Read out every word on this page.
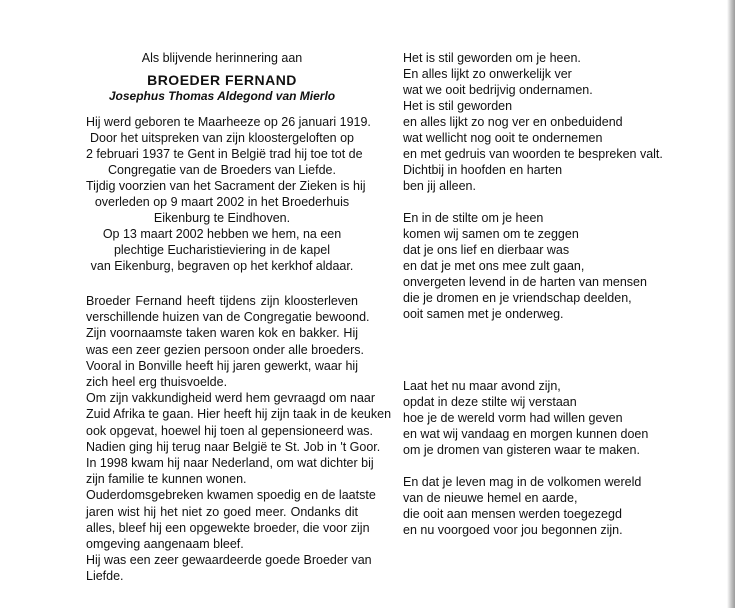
Als blijvende herinnering aan
BROEDER FERNAND
Josephus Thomas Aldegond van Mierlo
Hij werd geboren te Maarheeze op 26 januari 1919.
Door het uitspreken van zijn kloostergeloften op
2 februari 1937 te Gent in België trad hij toe tot de
Congregatie van de Broeders van Liefde.
Tijdig voorzien van het Sacrament der Zieken is hij
overleden op 9 maart 2002 in het Broederhuis
Eikenburg te Eindhoven.
Op 13 maart 2002 hebben we hem, na een
plechtige Eucharistieviering in de kapel
van Eikenburg, begraven op het kerkhof aldaar.
Broeder Fernand heeft tijdens zijn kloosterleven
verschillende huizen van de Congregatie bewoond.
Zijn voornaamste taken waren kok en bakker. Hij
was een zeer gezien persoon onder alle broeders.
Vooral in Bonville heeft hij jaren gewerkt, waar hij
zich heel erg thuisvoelde.
Om zijn vakkundigheid werd hem gevraagd om naar
Zuid Afrika te gaan. Hier heeft hij zijn taak in de keuken
ook opgevat, hoewel hij toen al gepensioneerd was.
Nadien ging hij terug naar België te St. Job in 't Goor.
In 1998 kwam hij naar Nederland, om wat dichter bij
zijn familie te kunnen wonen.
Ouderdomsgebreken kwamen spoedig en de laatste
jaren wist hij het niet zo goed meer. Ondanks dit
alles, bleef hij een opgewekte broeder, die voor zijn
omgeving aangenaam bleef.
Hij was een zeer gewaardeerde goede Broeder van
Liefde.
Het is stil geworden om je heen.
En alles lijkt zo onwerkelijk ver
wat we ooit bedrijvig ondernamen.
Het is stil geworden
en alles lijkt zo nog ver en onbeduidend
wat wellicht nog ooit te ondernemen
en met gedruis van woorden te bespreken valt.
Dichtbij in hoofden en harten
ben jij alleen.
En in de stilte om je heen
komen wij samen om te zeggen
dat je ons lief en dierbaar was
en dat je met ons mee zult gaan,
onvergeten levend in de harten van mensen
die je dromen en je vriendschap deelden,
ooit samen met je onderweg.
Laat het nu maar avond zijn,
opdat in deze stilte wij verstaan
hoe je de wereld vorm had willen geven
en wat wij vandaag en morgen kunnen doen
om je dromen van gisteren waar te maken.
En dat je leven mag in de volkomen wereld
van de nieuwe hemel en aarde,
die ooit aan mensen werden toegezegd
en nu voorgoed voor jou begonnen zijn.
